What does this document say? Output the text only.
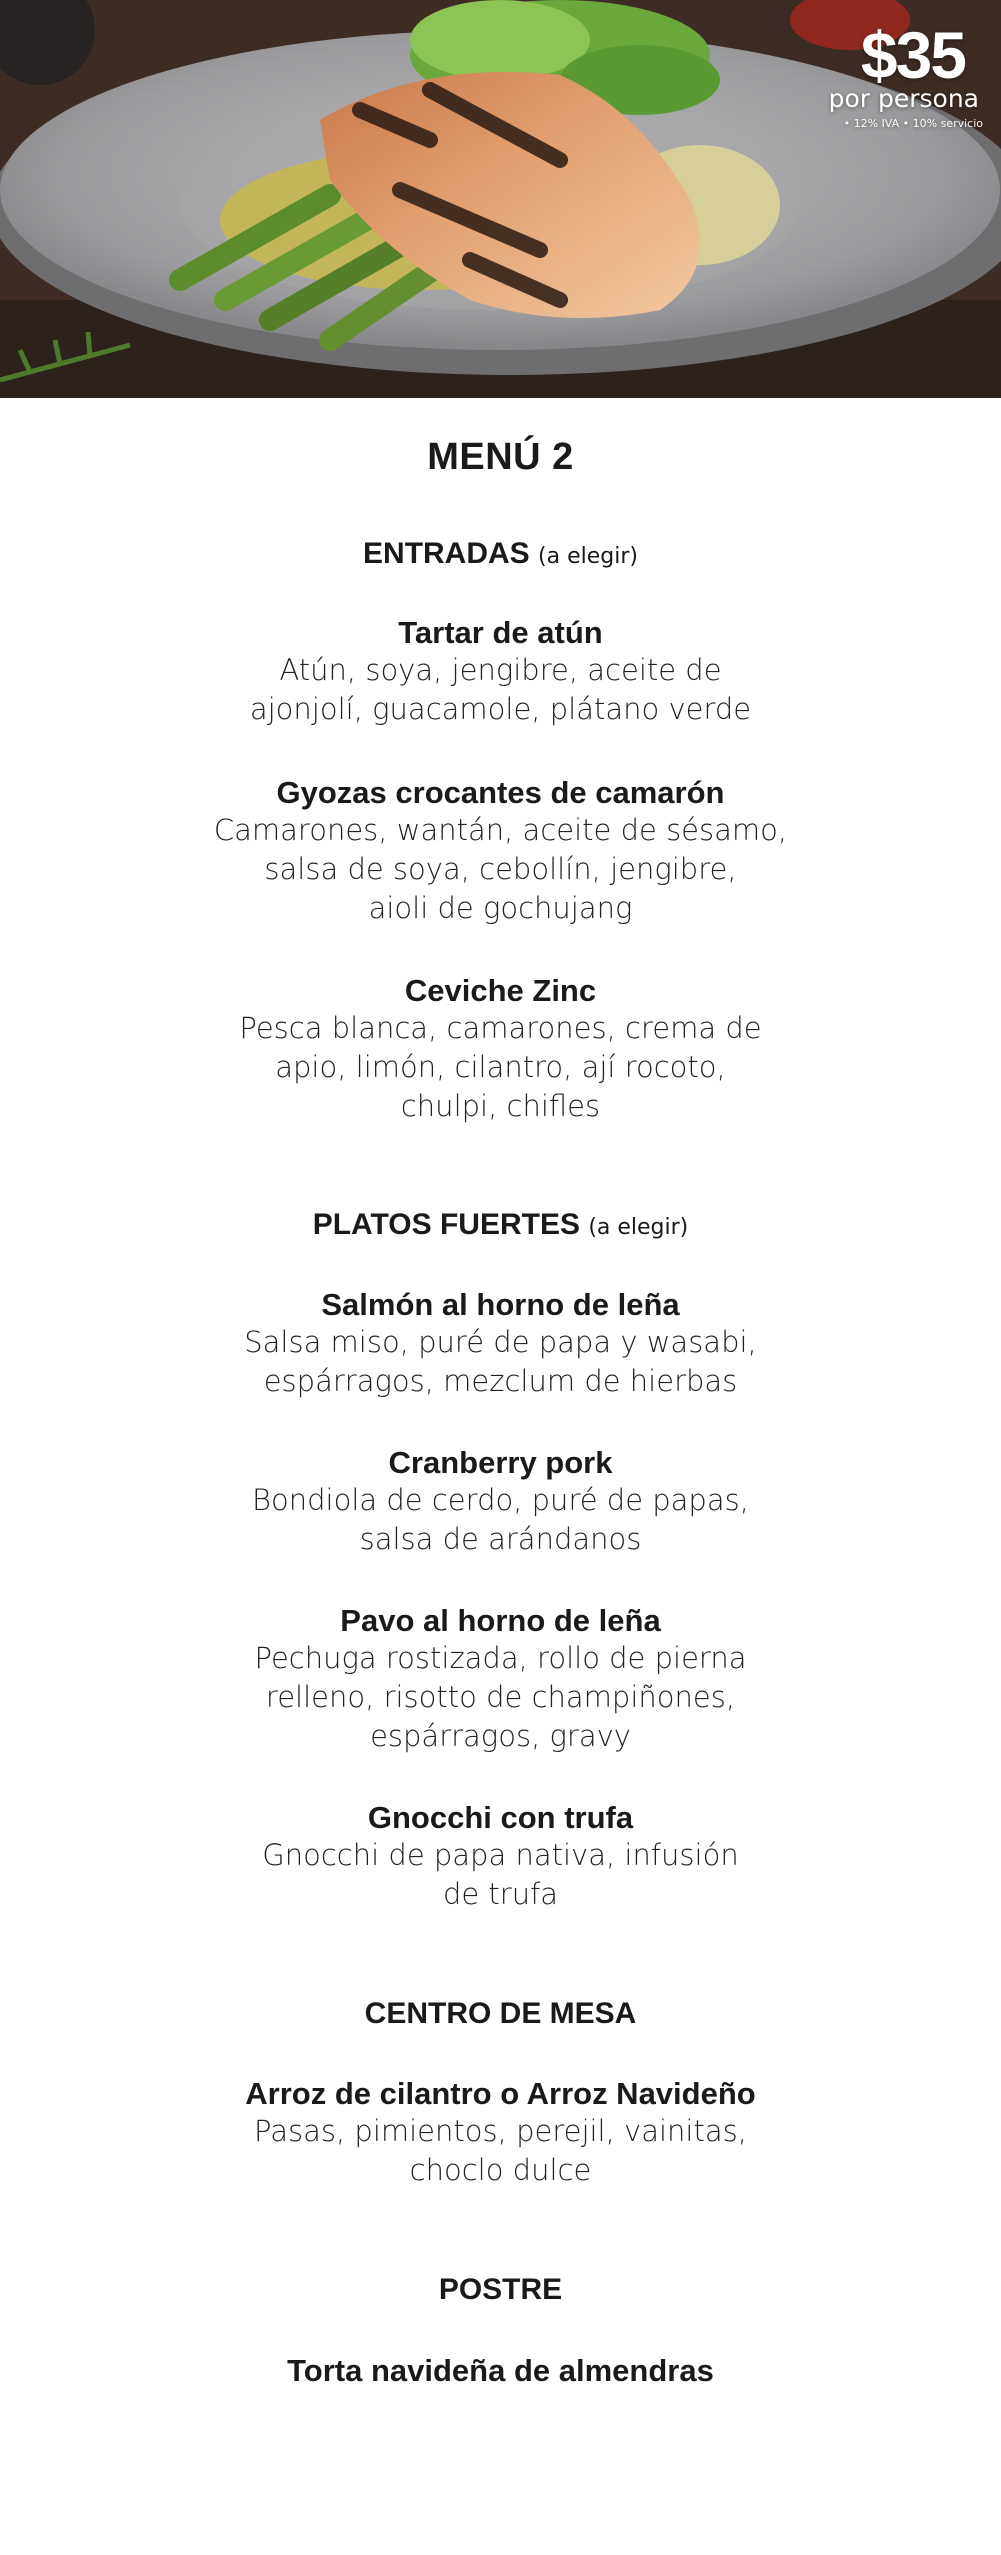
$35
por persona
• 12% IVA • 10% servicio
MENÚ 2
ENTRADAS (a elegir)

Tartar de atún

Atún, soya, jengibre, aceite de
ajonjolí, guacamole, plátano verde

Gyozas crocantes de camarón

Camarones, wantán, aceite de sésamo,
salsa de soya, cebollín, jengibre,
aioli de gochujang

Ceviche Zinc

Pesca blanca, camarones, crema de
apio, limón, cilantro, ají rocoto,
chulpi, chifles

PLATOS FUERTES (a elegir)

Salmón al horno de leña

Salsa miso, puré de papa y wasabi,
espárragos, mezclum de hierbas

Cranberry pork

Bondiola de cerdo, puré de papas,
salsa de arándanos

Pavo al horno de leña

Pechuga rostizada, rollo de pierna
relleno, risotto de champiñones,
espárragos, gravy

Gnocchi con trufa

Gnocchi de papa nativa, infusión
de trufa

CENTRO DE MESA

Arroz de cilantro o Arroz Navideño

Pasas, pimientos, perejil, vainitas,
choclo dulce

POSTRE

Torta navideña de almendras
